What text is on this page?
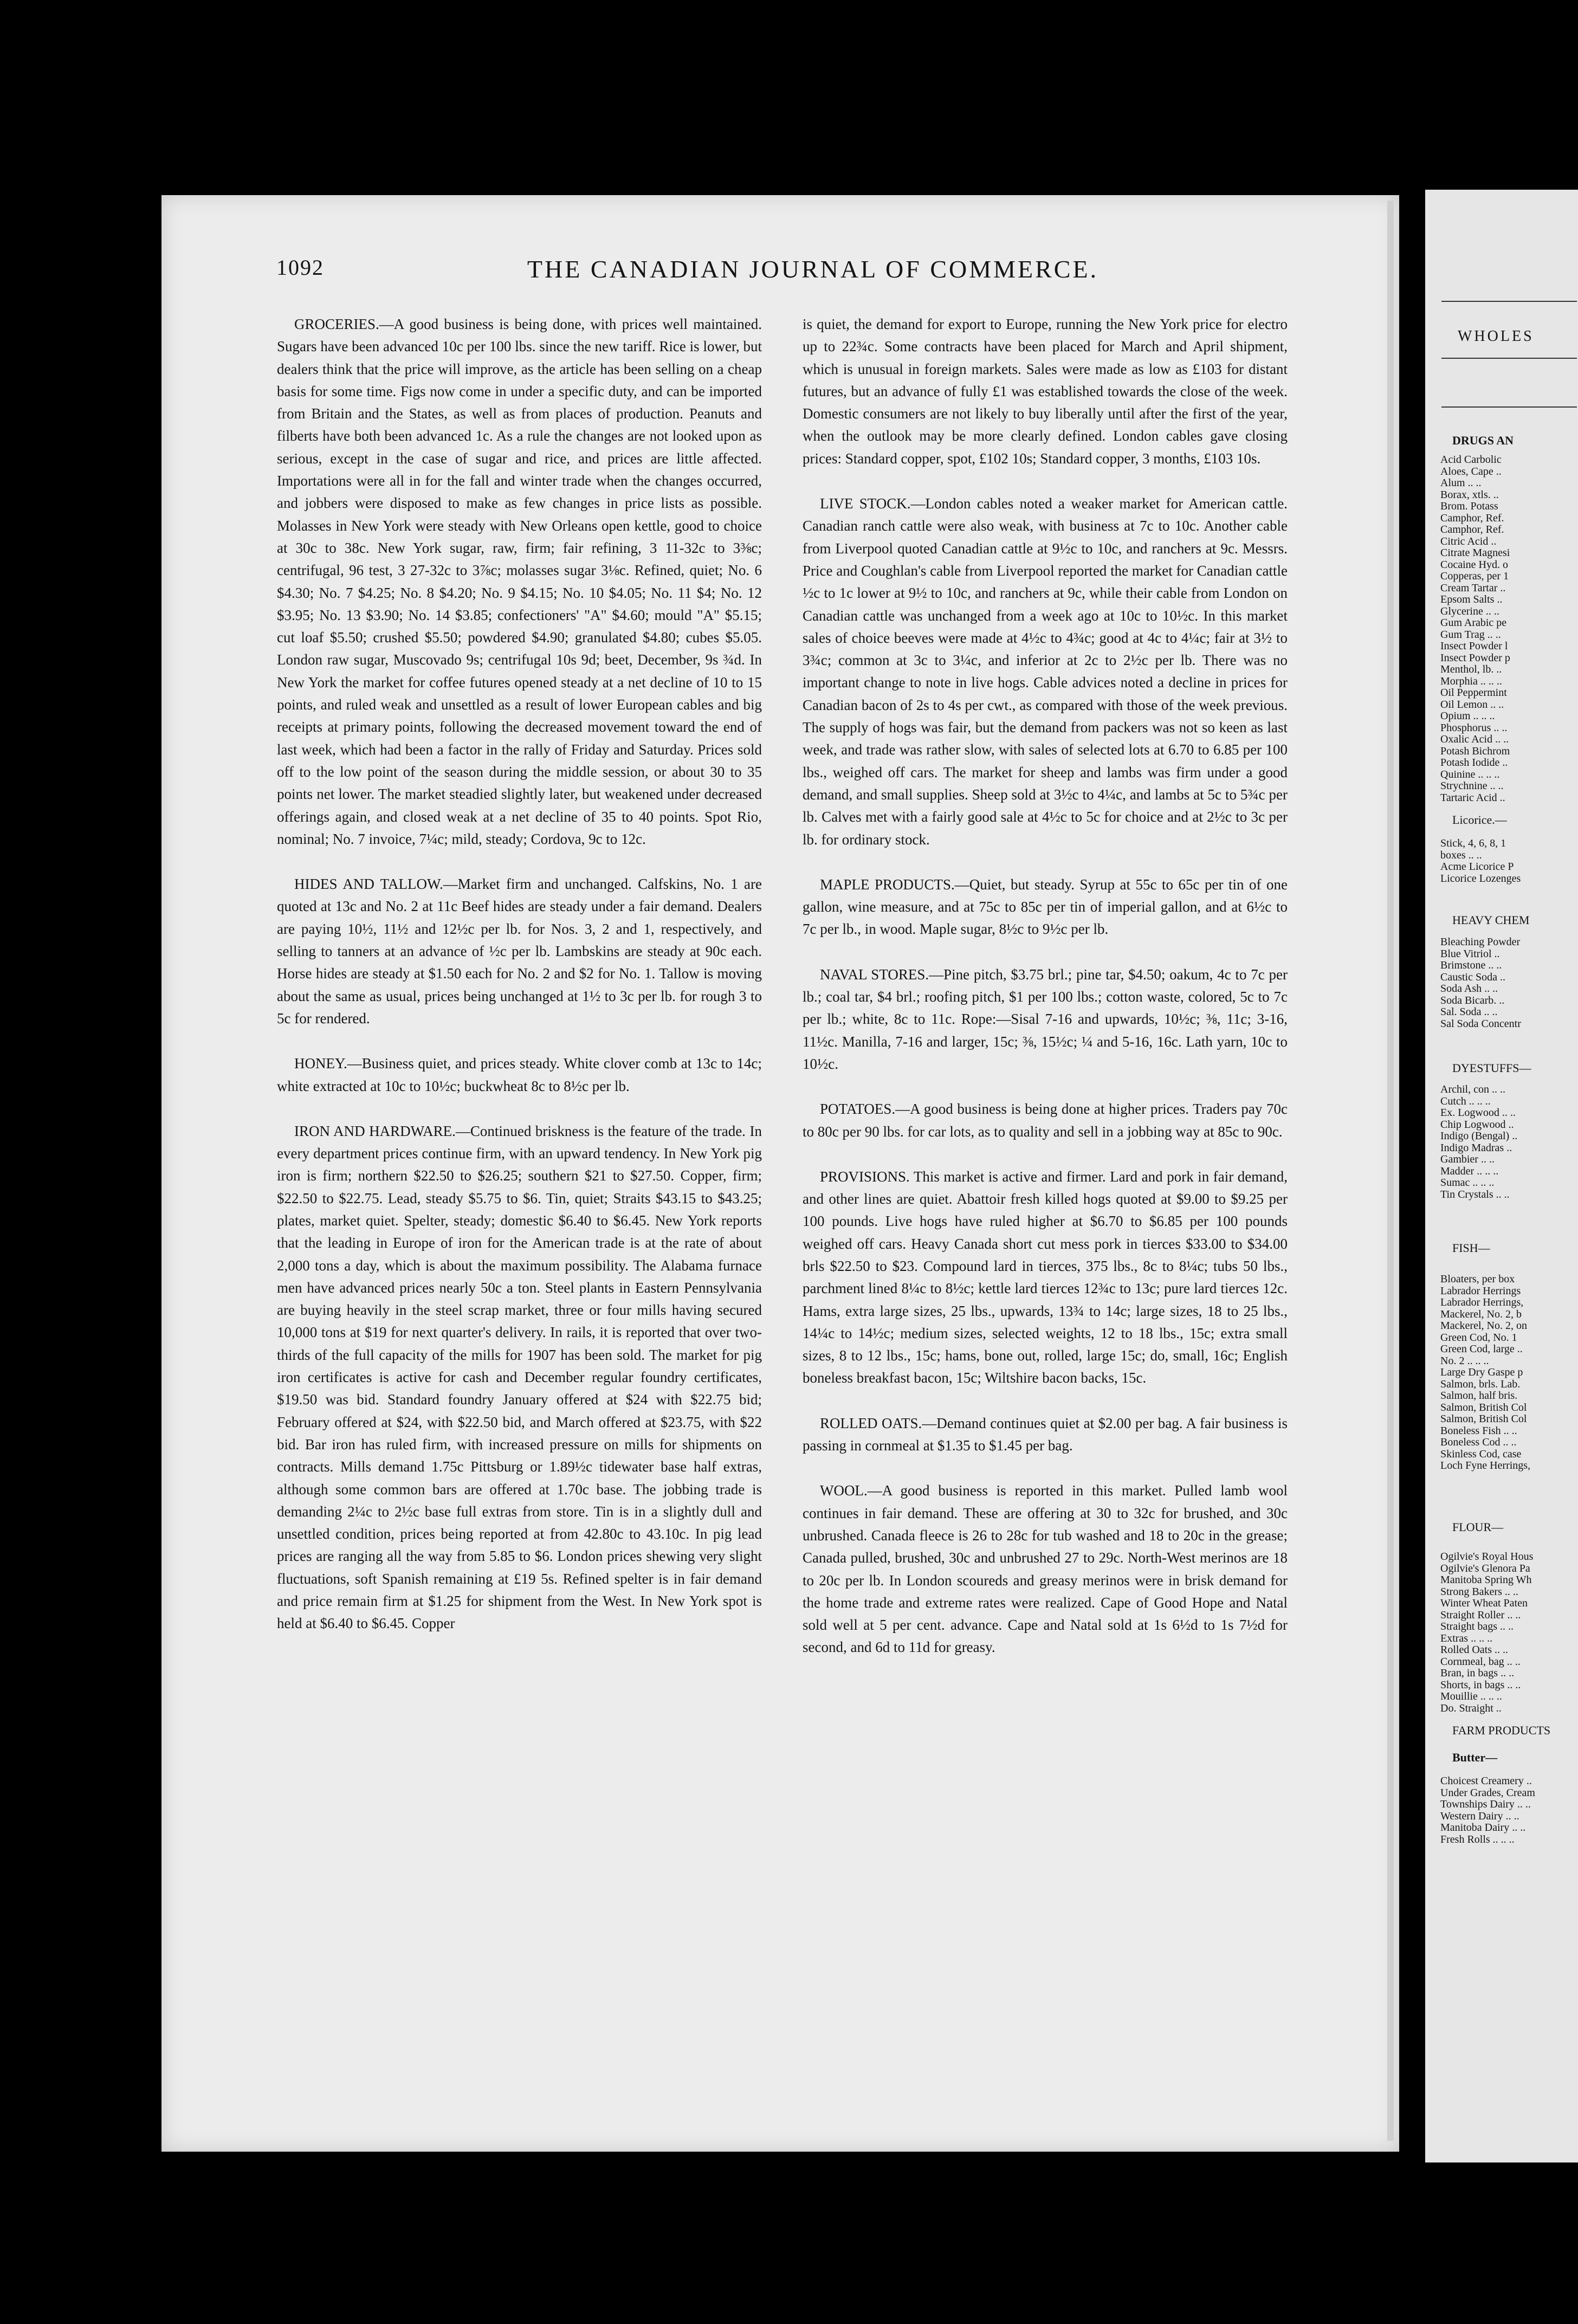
1092	THE CANADIAN JOURNAL OF COMMERCE.

GROCERIES.—A good business is being done, with prices well maintained. Sugars have been advanced 10c per 100 lbs. since the new tariff. Rice is lower, but dealers think that the price will improve, as the article has been selling on a cheap basis for some time. Figs now come in under a specific duty, and can be imported from Britain and the States, as well as from places of production. Peanuts and filberts have both been advanced 1c. As a rule the changes are not looked upon as serious, except in the case of sugar and rice, and prices are little affected. Importations were all in for the fall and winter trade when the changes occurred, and jobbers were disposed to make as few changes in price lists as possible. Molasses in New York were steady with New Orleans open kettle, good to choice at 30c to 38c. New York sugar, raw, firm; fair refining, 3 11-32c to 3⅜c; centrifugal, 96 test, 3 27-32c to 3⅞c; molasses sugar 3⅛c. Refined, quiet; No. 6 $4.30; No. 7 $4.25; No. 8 $4.20; No. 9 $4.15; No. 10 $4.05; No. 11 $4; No. 12 $3.95; No. 13 $3.90; No. 14 $3.85; confectioners' "A" $4.60; mould "A" $5.15; cut loaf $5.50; crushed $5.50; powdered $4.90; granulated $4.80; cubes $5.05. London raw sugar, Muscovado 9s; centrifugal 10s 9d; beet, December, 9s ¾d. In New York the market for coffee futures opened steady at a net decline of 10 to 15 points, and ruled weak and unsettled as a result of lower European cables and big receipts at primary points, following the decreased movement toward the end of last week, which had been a factor in the rally of Friday and Saturday. Prices sold off to the low point of the season during the middle session, or about 30 to 35 points net lower. The market steadied slightly later, but weakened under decreased offerings again, and closed weak at a net decline of 35 to 40 points. Spot Rio, nominal; No. 7 invoice, 7¼c; mild, steady; Cordova, 9c to 12c.

HIDES AND TALLOW.—Market firm and unchanged. Calfskins, No. 1 are quoted at 13c and No. 2 at 11c Beef hides are steady under a fair demand. Dealers are paying 10½, 11½ and 12½c per lb. for Nos. 3, 2 and 1, respectively, and selling to tanners at an advance of ½c per lb. Lambskins are steady at 90c each. Horse hides are steady at $1.50 each for No. 2 and $2 for No. 1. Tallow is moving about the same as usual, prices being unchanged at 1½ to 3c per lb. for rough 3 to 5c for rendered.

HONEY.—Business quiet, and prices steady. White clover comb at 13c to 14c; white extracted at 10c to 10½c; buckwheat 8c to 8½c per lb.

IRON AND HARDWARE.—Continued briskness is the feature of the trade. In every department prices continue firm, with an upward tendency. In New York pig iron is firm; northern $22.50 to $26.25; southern $21 to $27.50. Copper, firm; $22.50 to $22.75. Lead, steady $5.75 to $6. Tin, quiet; Straits $43.15 to $43.25; plates, market quiet. Spelter, steady; domestic $6.40 to $6.45. New York reports that the leading in Europe of iron for the American trade is at the rate of about 2,000 tons a day, which is about the maximum possibility. The Alabama furnace men have advanced prices nearly 50c a ton. Steel plants in Eastern Pennsylvania are buying heavily in the steel scrap market, three or four mills having secured 10,000 tons at $19 for next quarter's delivery. In rails, it is reported that over two-thirds of the full capacity of the mills for 1907 has been sold. The market for pig iron certificates is active for cash and December regular foundry certificates, $19.50 was bid. Standard foundry January offered at $24 with $22.75 bid; February offered at $24, with $22.50 bid, and March offered at $23.75, with $22 bid. Bar iron has ruled firm, with increased pressure on mills for shipments on contracts. Mills demand 1.75c Pittsburg or 1.89½c tidewater base half extras, although some common bars are offered at 1.70c base. The jobbing trade is demanding 2¼c to 2½c base full extras from store. Tin is in a slightly dull and unsettled condition, prices being reported at from 42.80c to 43.10c. In pig lead prices are ranging all the way from 5.85 to $6. London prices shewing very slight fluctuations, soft Spanish remaining at £19 5s. Refined spelter is in fair demand and price remain firm at $1.25 for shipment from the West. In New York spot is held at $6.40 to $6.45. Copper

is quiet, the demand for export to Europe, running the New York price for electro up to 22¾c. Some contracts have been placed for March and April shipment, which is unusual in foreign markets. Sales were made as low as £103 for distant futures, but an advance of fully £1 was established towards the close of the week. Domestic consumers are not likely to buy liberally until after the first of the year, when the outlook may be more clearly defined. London cables gave closing prices: Standard copper, spot, £102 10s; Standard copper, 3 months, £103 10s.

LIVE STOCK.—London cables noted a weaker market for American cattle. Canadian ranch cattle were also weak, with business at 7c to 10c. Another cable from Liverpool quoted Canadian cattle at 9½c to 10c, and ranchers at 9c. Messrs. Price and Coughlan's cable from Liverpool reported the market for Canadian cattle ½c to 1c lower at 9½ to 10c, and ranchers at 9c, while their cable from London on Canadian cattle was unchanged from a week ago at 10c to 10½c. In this market sales of choice beeves were made at 4½c to 4¾c; good at 4c to 4¼c; fair at 3½ to 3¾c; common at 3c to 3¼c, and inferior at 2c to 2½c per lb. There was no important change to note in live hogs. Cable advices noted a decline in prices for Canadian bacon of 2s to 4s per cwt., as compared with those of the week previous. The supply of hogs was fair, but the demand from packers was not so keen as last week, and trade was rather slow, with sales of selected lots at 6.70 to 6.85 per 100 lbs., weighed off cars. The market for sheep and lambs was firm under a good demand, and small supplies. Sheep sold at 3½c to 4¼c, and lambs at 5c to 5¾c per lb. Calves met with a fairly good sale at 4½c to 5c for choice and at 2½c to 3c per lb. for ordinary stock.

MAPLE PRODUCTS.—Quiet, but steady. Syrup at 55c to 65c per tin of one gallon, wine measure, and at 75c to 85c per tin of imperial gallon, and at 6½c to 7c per lb., in wood. Maple sugar, 8½c to 9½c per lb.

NAVAL STORES.—Pine pitch, $3.75 brl.; pine tar, $4.50; oakum, 4c to 7c per lb.; coal tar, $4 brl.; roofing pitch, $1 per 100 lbs.; cotton waste, colored, 5c to 7c per lb.; white, 8c to 11c. Rope:—Sisal 7-16 and upwards, 10½c; ⅜, 11c; 3-16, 11½c. Manilla, 7-16 and larger, 15c; ⅜, 15½c; ¼ and 5-16, 16c. Lath yarn, 10c to 10½c.

POTATOES.—A good business is being done at higher prices. Traders pay 70c to 80c per 90 lbs. for car lots, as to quality and sell in a jobbing way at 85c to 90c.

PROVISIONS. This market is active and firmer. Lard and pork in fair demand, and other lines are quiet. Abattoir fresh killed hogs quoted at $9.00 to $9.25 per 100 pounds. Live hogs have ruled higher at $6.70 to $6.85 per 100 pounds weighed off cars. Heavy Canada short cut mess pork in tierces $33.00 to $34.00 brls $22.50 to $23. Compound lard in tierces, 375 lbs., 8c to 8¼c; tubs 50 lbs., parchment lined 8¼c to 8½c; kettle lard tierces 12¾c to 13c; pure lard tierces 12c. Hams, extra large sizes, 25 lbs., upwards, 13¾ to 14c; large sizes, 18 to 25 lbs., 14¼c to 14½c; medium sizes, selected weights, 12 to 18 lbs., 15c; extra small sizes, 8 to 12 lbs., 15c; hams, bone out, rolled, large 15c; do, small, 16c; English boneless breakfast bacon, 15c; Wiltshire bacon backs, 15c.

ROLLED OATS.—Demand continues quiet at $2.00 per bag. A fair business is passing in cornmeal at $1.35 to $1.45 per bag.

WOOL.—A good business is reported in this market. Pulled lamb wool continues in fair demand. These are offering at 30 to 32c for brushed, and 30c unbrushed. Canada fleece is 26 to 28c for tub washed and 18 to 20c in the grease; Canada pulled, brushed, 30c and unbrushed 27 to 29c. North-West merinos are 18 to 20c per lb. In London scoureds and greasy merinos were in brisk demand for the home trade and extreme rates were realized. Cape of Good Hope and Natal sold well at 5 per cent. advance. Cape and Natal sold at 1s 6½d to 1s 7½d for second, and 6d to 11d for greasy.

WHOLES
DRUGS AN
Acid Carbolic
Aloes, Cape ..
Alum .. ..
Borax, xtls. ..
Brom. Potass
Camphor, Ref.
Camphor, Ref.
Citric Acid ..
Citrate Magnesi
Cocaine Hyd. o
Copperas, per 1
Cream Tartar ..
Epsom Salts ..
Glycerine .. ..
Gum Arabic pe
Gum Trag .. ..
Insect Powder l
Insect Powder p
Menthol, lb. ..
Morphia .. .. ..
Oil Peppermint
Oil Lemon .. ..
Opium .. .. ..
Phosphorus .. ..
Oxalic Acid .. ..
Potash Bichrom
Potash Iodide ..
Quinine .. .. ..
Strychnine .. ..
Tartaric Acid ..
Licorice.—
Stick, 4, 6, 8, 1
boxes .. ..
Acme Licorice P
Licorice Lozenges
HEAVY CHEM
Bleaching Powder
Blue Vitriol ..
Brimstone .. ..
Caustic Soda ..
Soda Ash .. ..
Soda Bicarb. ..
Sal. Soda .. ..
Sal Soda Concentr
DYESTUFFS—
Archil, con .. ..
Cutch .. .. ..
Ex. Logwood .. ..
Chip Logwood ..
Indigo (Bengal) ..
Indigo Madras ..
Gambier .. ..
Madder .. .. ..
Sumac .. .. ..
Tin Crystals .. ..
FISH—
Bloaters, per box
Labrador Herrings
Labrador Herrings,
Mackerel, No. 2, b
Mackerel, No. 2, on
Green Cod, No. 1
Green Cod, large ..
No. 2 .. .. ..
Large Dry Gaspe p
Salmon, brls. Lab.
Salmon, half bris.
Salmon, British Col
Salmon, British Col
Boneless Fish .. ..
Boneless Cod .. ..
Skinless Cod, case
Loch Fyne Herrings,
FLOUR—
Ogilvie's Royal Hous
Ogilvie's Glenora Pa
Manitoba Spring Wh
Strong Bakers .. ..
Winter Wheat Paten
Straight Roller .. ..
Straight bags .. ..
Extras .. .. ..
Rolled Oats .. ..
Cornmeal, bag .. ..
Bran, in bags .. ..
Shorts, in bags .. ..
Mouillie .. .. ..
Do. Straight ..
FARM PRODUCTS
Butter—
Choicest Creamery ..
Under Grades, Cream
Townships Dairy .. ..
Western Dairy .. ..
Manitoba Dairy .. ..
Fresh Rolls .. .. ..
